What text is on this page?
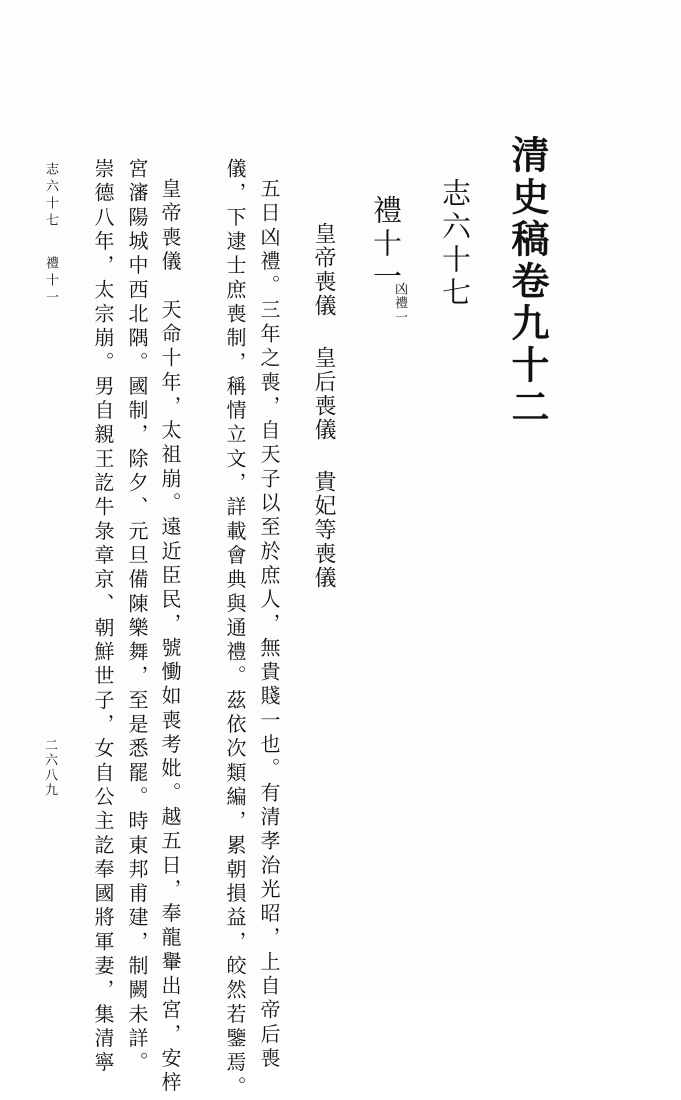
清史稿卷九十二
志六十七
禮十一
凶禮一
皇帝喪儀皇后喪儀貴妃等喪儀
五日凶禮。三年之喪，自天子以至於庶人，無貴賤一也。有清孝治光昭，上自帝后喪
儀，下逮士庶喪制，稱情立文，詳載會典與通禮。茲依次類編，累朝損益，皎然若鑒焉。
皇帝喪儀　天命十年，太祖崩。遠近臣民，號慟如喪考妣。越五日，奉龍轝出宮，安梓
宮瀋陽城中西北隅。國制，除夕、元旦備陳樂舞，至是悉罷。時東邦甫建，制闕未詳。
崇德八年，太宗崩。男自親王訖牛彔章京、朝鮮世子，女自公主訖奉國將軍妻，集清寧
志六十七禮十一
二六八九
